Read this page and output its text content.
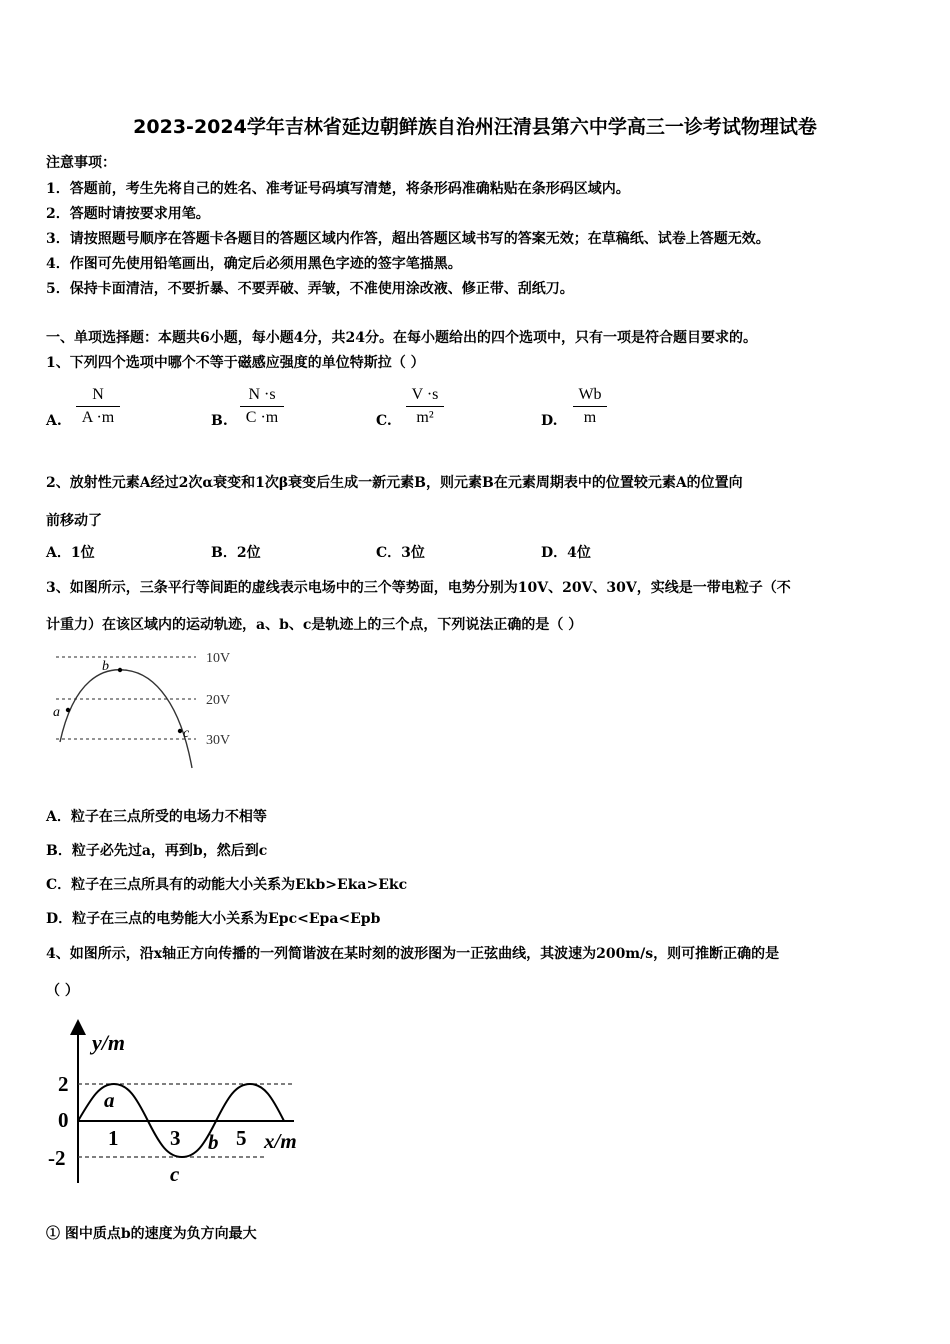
2023-2024学年吉林省延边朝鲜族自治州汪清县第六中学高三一诊考试物理试卷
注意事项：
1．答题前，考生先将自己的姓名、准考证号码填写清楚，将条形码准确粘贴在条形码区域内。
2．答题时请按要求用笔。
3．请按照题号顺序在答题卡各题目的答题区域内作答，超出答题区域书写的答案无效；在草稿纸、试卷上答题无效。
4．作图可先使用铅笔画出，确定后必须用黑色字迹的签字笔描黑。
5．保持卡面清洁，不要折暴、不要弄破、弄皱，不准使用涂改液、修正带、刮纸刀。
一、单项选择题：本题共6小题，每小题4分，共24分。在每小题给出的四个选项中，只有一项是符合题目要求的。
1、下列四个选项中哪个不等于磁感应强度的单位特斯拉（ ）
A. $\frac{N}{A \cdot m}$	B. $\frac{N \cdot s}{C \cdot m}$	C. $\frac{V \cdot s}{\text{m²}}$	D. $\frac{Wb}{m}$
2、放射性元素A经过2次α衰变和1次β衰变后生成一新元素B，则元素B在元素周期表中的位置较元素A的位置向
前移动了
A．1位	B．2位	C．3位	D．4位
3、如图所示，三条平行等间距的虚线表示电场中的三个等势面，电势分别为10V、20V、30V，实线是一带电粒子（不
计重力）在该区域内的运动轨迹，a、b、c是轨迹上的三个点，下列说法正确的是（ ）
10V
20V
30V
a
b
c
A．粒子在三点所受的电场力不相等
B．粒子必先过a，再到b，然后到c
C．粒子在三点所具有的动能大小关系为Ekb>Eka>Ekc
D．粒子在三点的电势能大小关系为Epc<Epa<Epb
4、如图所示，沿x轴正方向传播的一列简谐波在某时刻的波形图为一正弦曲线，其波速为200m/s，则可推断正确的是
（ ）
y/m
x/m
2
0
-2
1 3	5
a
b
c
① 图中质点b的速度为负方向最大
